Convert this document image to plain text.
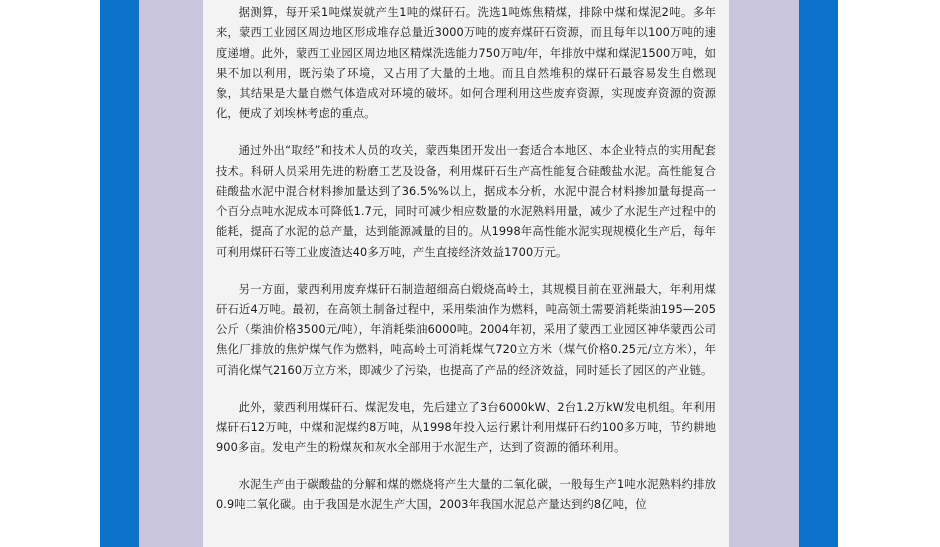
据测算，每开采1吨煤炭就产生1吨的煤矸石。洗选1吨炼焦精煤，排除中煤和煤泥2吨。多年来，蒙西工业园区周边地区形成堆存总量近3000万吨的废弃煤矸石资源，而且每年以100万吨的速度递增。此外，蒙西工业园区周边地区精煤洗选能力750万吨/年，年排放中煤和煤泥1500万吨，如果不加以利用，既污染了环境，又占用了大量的土地。而且自然堆积的煤矸石最容易发生自燃现象，其结果是大量自燃气体造成对环境的破坏。如何合理利用这些废弃资源，实现废弃资源的资源化，便成了刘埃林考虑的重点。

通过外出“取经”和技术人员的攻关，蒙西集团开发出一套适合本地区、本企业特点的实用配套技术。科研人员采用先进的粉磨工艺及设备，利用煤矸石生产高性能复合硅酸盐水泥。高性能复合硅酸盐水泥中混合材料掺加量达到了36.5%%以上，据成本分析，水泥中混合材料掺加量每提高一个百分点吨水泥成本可降低1.7元，同时可减少相应数量的水泥熟料用量，减少了水泥生产过程中的能耗，提高了水泥的总产量，达到能源减量的目的。从1998年高性能水泥实现规模化生产后，每年可利用煤矸石等工业废渣达40多万吨，产生直接经济效益1700万元。

另一方面，蒙西利用废弃煤矸石制造超细高白煅烧高岭土，其规模目前在亚洲最大，年利用煤矸石近4万吨。最初，在高领土制备过程中，采用柴油作为燃料，吨高领土需要消耗柴油195—205公斤（柴油价格3500元/吨），年消耗柴油6000吨。2004年初，采用了蒙西工业园区神华蒙西公司焦化厂排放的焦炉煤气作为燃料，吨高岭土可消耗煤气720立方米（煤气价格0.25元/立方米），年可消化煤气2160万立方米，即减少了污染，也提高了产品的经济效益，同时延长了园区的产业链。

此外，蒙西利用煤矸石、煤泥发电，先后建立了3台6000kW、2台1.2万kW发电机组。年利用煤矸石12万吨，中煤和泥煤约8万吨，从1998年投入运行累计利用煤矸石约100多万吨，节约耕地900多亩。发电产生的粉煤灰和灰水全部用于水泥生产，达到了资源的循环利用。

水泥生产由于碳酸盐的分解和煤的燃烧将产生大量的二氧化碳，一般每生产1吨水泥熟料约排放0.9吨二氧化碳。由于我国是水泥生产大国，2003年我国水泥总产量达到约8亿吨，位
